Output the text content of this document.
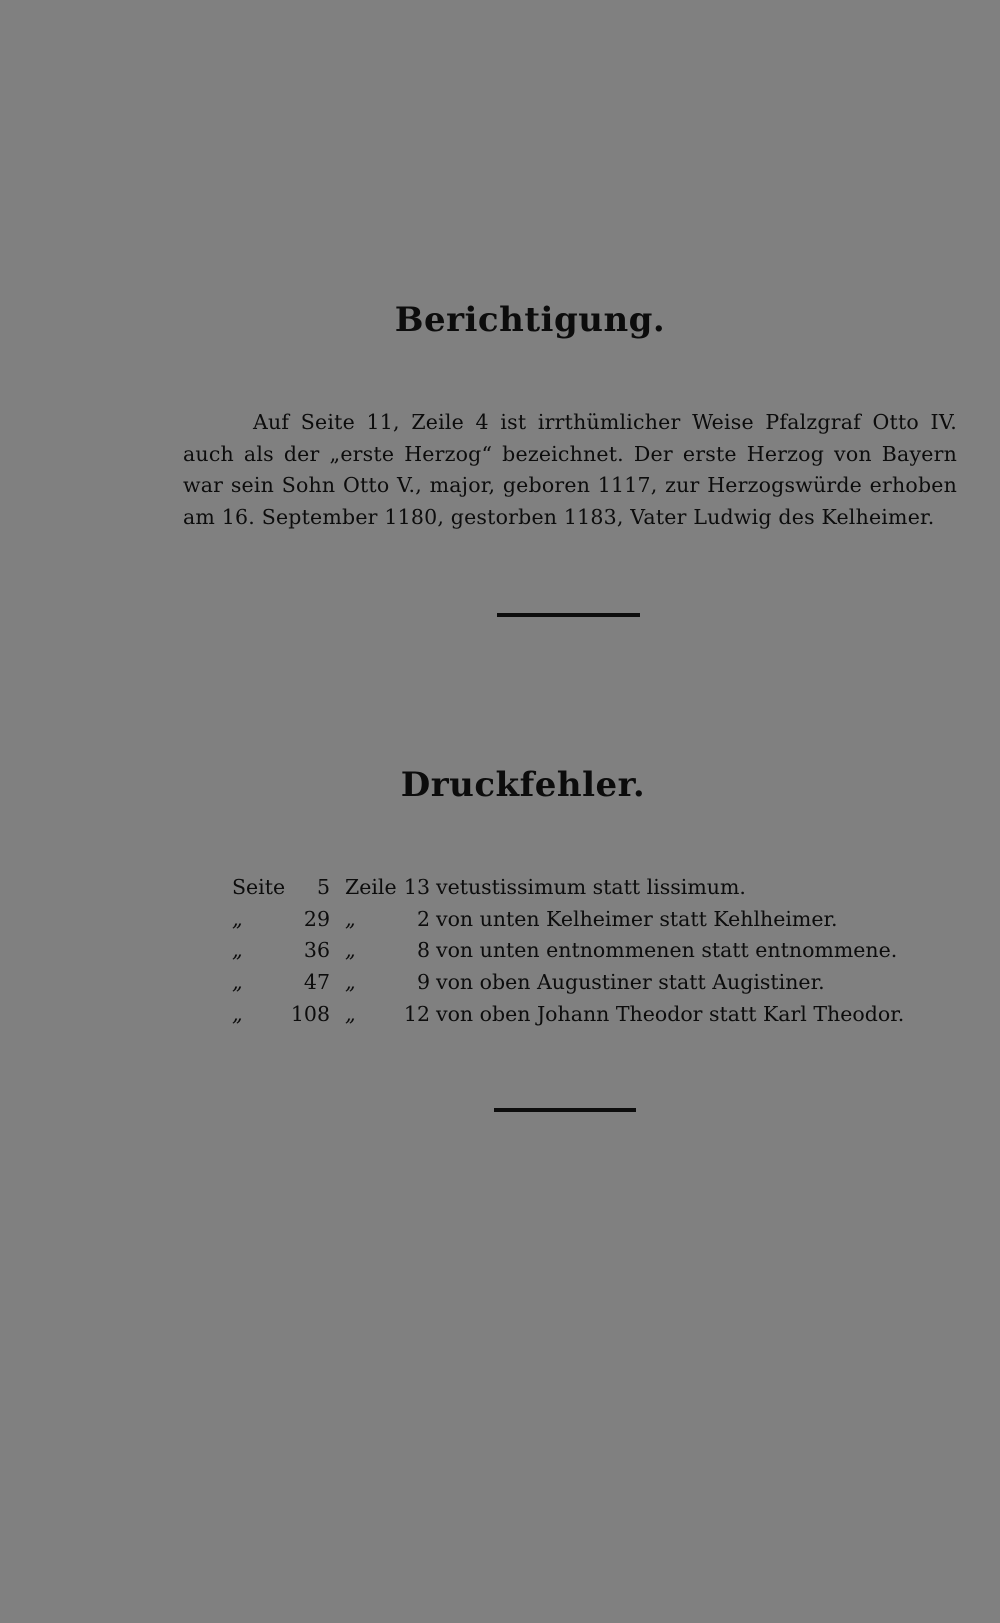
Berichtigung.

Auf Seite 11, Zeile 4 ist irrthümlicher Weise Pfalzgraf Otto IV.
auch als der „erste Herzog“ bezeichnet. Der erste Herzog von Bayern
war sein Sohn Otto V., major, geboren 1117, zur Herzogswürde erhoben
am 16. September 1180, gestorben 1183, Vater Ludwig des Kelheimer.

Druckfehler.
Seite 5 Zeile 13 vetustissimum statt lissimum.
„	29 „	2 von unten Kelheimer statt Kehlheimer.
„	36 „	8 von unten entnommenen statt entnommene.
„	47 „	9 von oben Augustiner statt Augistiner.
„ 108 „ 12 von oben Johann Theodor statt Karl Theodor.
